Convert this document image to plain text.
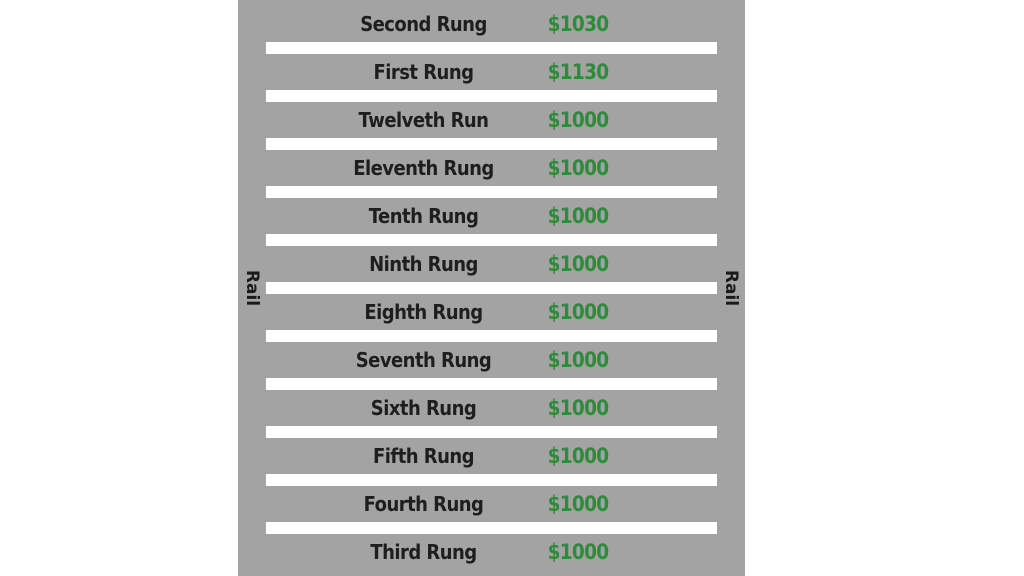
Rail	Rail
Second Rung	$1030
First Rung	$1130
Twelveth Run	$1000
Eleventh Rung	$1000
Tenth Rung	$1000
Ninth Rung	$1000
Eighth Rung	$1000
Seventh Rung	$1000
Sixth Rung	$1000
Fifth Rung	$1000
Fourth Rung	$1000
Third Rung	$1000
